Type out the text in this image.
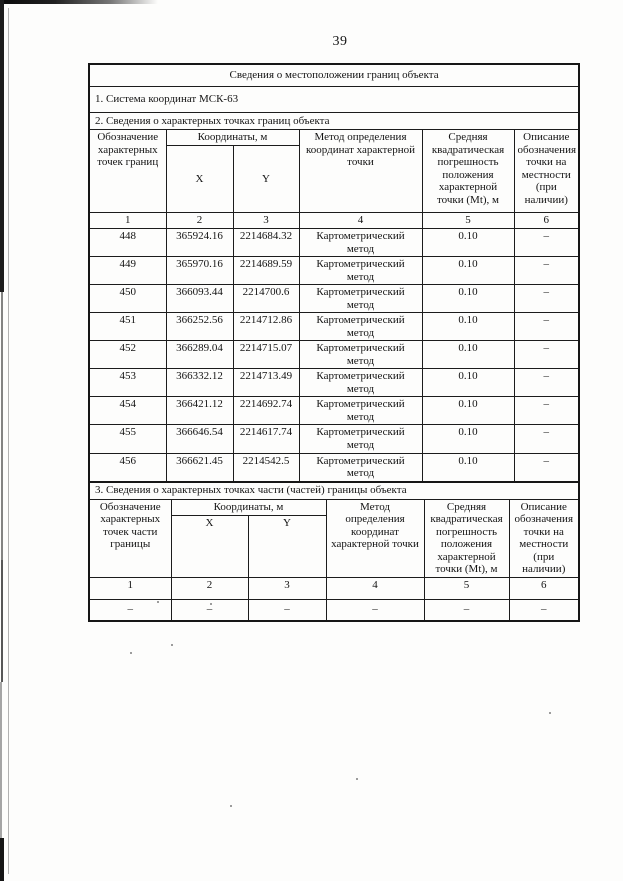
39
Сведения о местоположении границ объекта					
1. Система координат МСК-63					
2. Сведения о характерных точках границ объекта					
Обозначение характерных точек границ	Координаты, м		Метод определения координат характерной точки	Средняя квадратическая погрешность положения характерной точки (Mt), м	Описание обозначения точки на местности (при наличии)
	X	Y			
1	2	3	4	5	6
448	365924.16	2214684.32	Картометрический метод	0.10	–
449	365970.16	2214689.59	Картометрический метод	0.10	–
450	366093.44	2214700.6	Картометрический метод	0.10	–
451	366252.56	2214712.86	Картометрический метод	0.10	–
452	366289.04	2214715.07	Картометрический метод	0.10	–
453	366332.12	2214713.49	Картометрический метод	0.10	–
454	366421.12	2214692.74	Картометрический метод	0.10	–
455	366646.54	2214617.74	Картометрический метод	0.10	–
456	366621.45	2214542.5	Картометрический метод	0.10	–
3. Сведения о характерных точках части (частей) границы объекта					
Обозначение характерных точек части границы	Координаты, м		Метод определения координат характерной точки	Средняя квадратическая погрешность положения характерной точки (Mt), м	Описание обозначения точки на местности (при наличии)
	X	Y			
1	2	3	4	5	6
–	–	–	–	–	–
